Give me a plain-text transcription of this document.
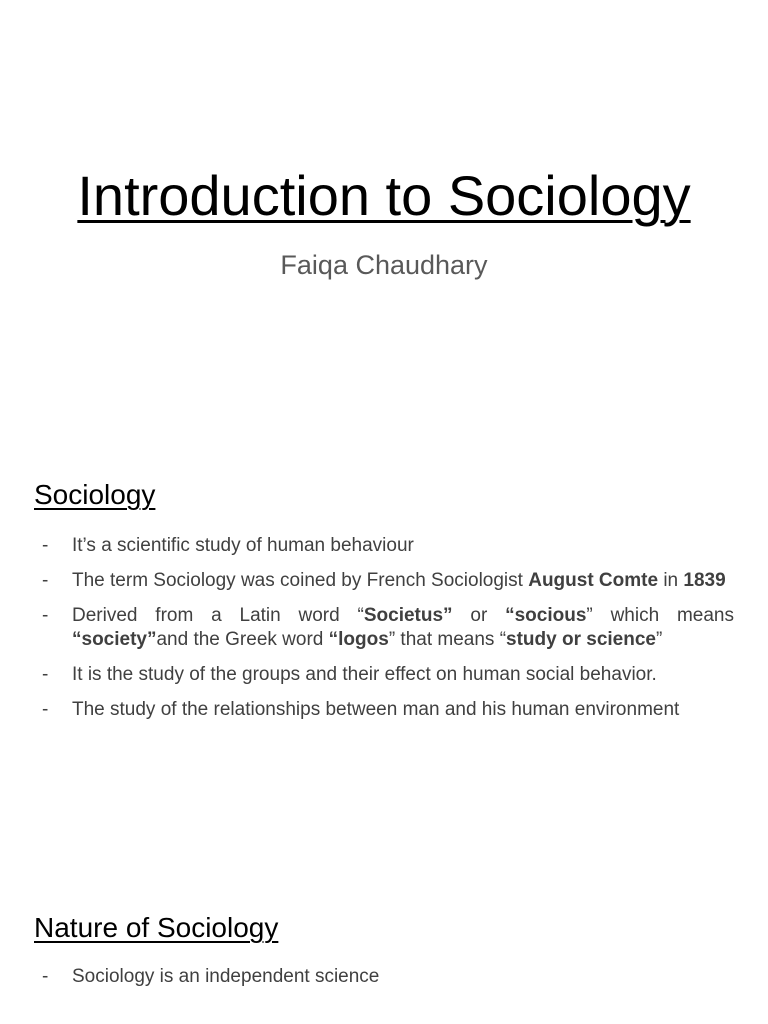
Introduction to Sociology

Faiqa Chaudhary

Sociology
- It’s a scientific study of human behaviour
- The term Sociology was coined by French Sociologist August Comte in 1839
- Derived from a Latin word “Societus” or “socious” which means “society”and the Greek word “logos” that means “study or science”
- It is the study of the groups and their effect on human social behavior.
- The study of the relationships between man and his human environment
Nature of Sociology
- Sociology is an independent science
